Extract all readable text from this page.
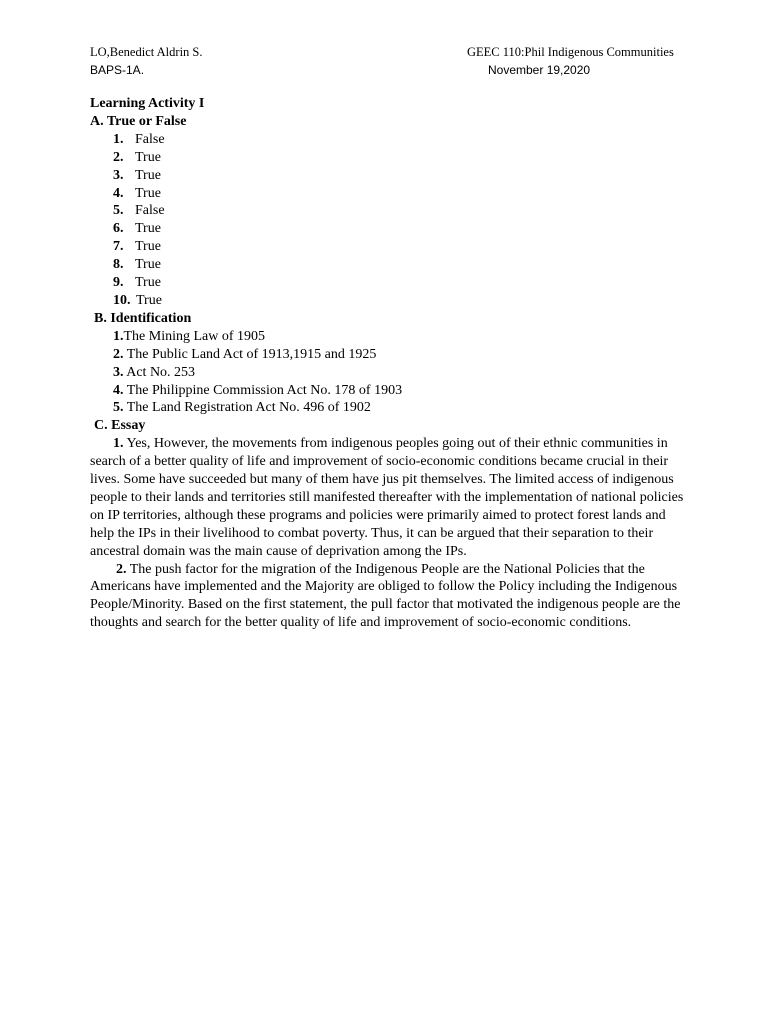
LO,Benedict Aldrin S.
BAPS-1A.
GEEC 110:Phil Indigenous Communities
November 19,2020
Learning Activity I
A. True or False
1. False
2. True
3. True
4. True
5. False
6. True
7. True
8. True
9. True
10. True
B. Identification
1.The Mining Law of 1905
2. The Public Land Act of 1913,1915 and 1925
3. Act No. 253
4. The Philippine Commission Act No. 178 of 1903
5. The Land Registration Act No. 496 of 1902
C. Essay

1. Yes, However, the movements from indigenous peoples going out of their ethnic communities in search of a better quality of life and improvement of socio-economic conditions became crucial in their lives. Some have succeeded but many of them have jus pit themselves. The limited access of indigenous people to their lands and territories still manifested thereafter with the implementation of national policies on IP territories, although these programs and policies were primarily aimed to protect forest lands and help the IPs in their livelihood to combat poverty. Thus, it can be argued that their separation to their ancestral domain was the main cause of deprivation among the IPs.

2. The push factor for the migration of the Indigenous People are the National Policies that the Americans have implemented and the Majority are obliged to follow the Policy including the Indigenous People/Minority. Based on the first statement, the pull factor that motivated the indigenous people are the thoughts and search for the better quality of life and improvement of socio-economic conditions.
